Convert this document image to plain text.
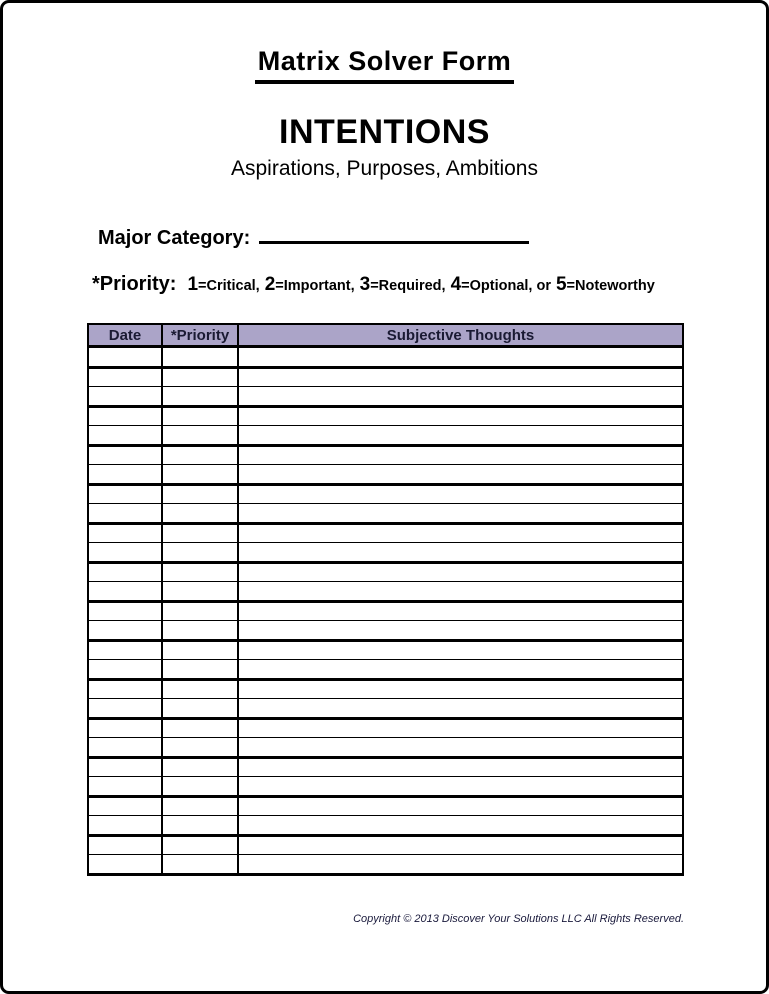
Matrix Solver Form
INTENTIONS
Aspirations, Purposes, Ambitions
Major Category:
*Priority: 1=Critical, 2=Important, 3=Required, 4=Optional, or 5=Noteworthy
Date	*Priority	Subjective Thoughts

Copyright © 2013 Discover Your Solutions LLC All Rights Reserved.
